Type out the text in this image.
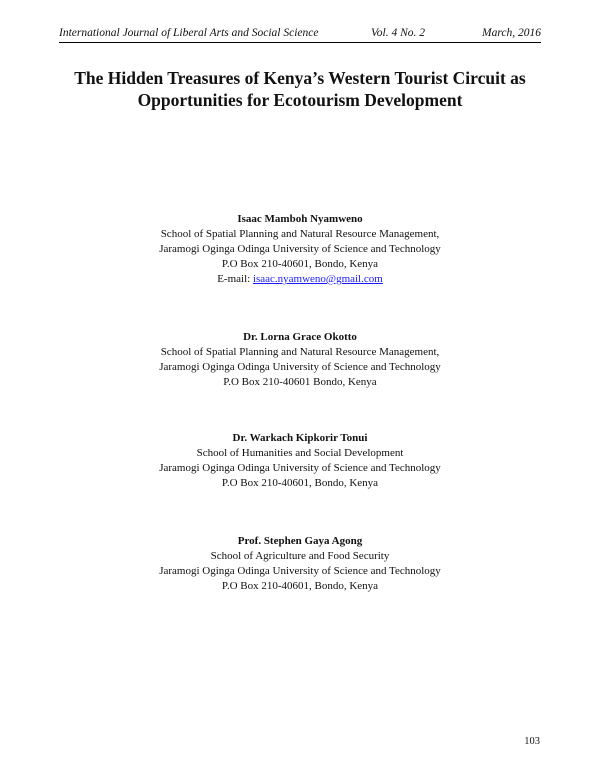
International Journal of Liberal Arts and Social Science	Vol. 4 No. 2	March, 2016
The Hidden Treasures of Kenya’s Western Tourist Circuit as
Opportunities for Ecotourism Development
Isaac Mamboh Nyamweno
School of Spatial Planning and Natural Resource Management,
Jaramogi Oginga Odinga University of Science and Technology
P.O Box 210-40601, Bondo, Kenya
E-mail: isaac.nyamweno@gmail.com
Dr. Lorna Grace Okotto
School of Spatial Planning and Natural Resource Management,
Jaramogi Oginga Odinga University of Science and Technology
P.O Box 210-40601 Bondo, Kenya
Dr. Warkach Kipkorir Tonui
School of Humanities and Social Development
Jaramogi Oginga Odinga University of Science and Technology
P.O Box 210-40601, Bondo, Kenya
Prof. Stephen Gaya Agong
School of Agriculture and Food Security
Jaramogi Oginga Odinga University of Science and Technology
P.O Box 210-40601, Bondo, Kenya
103
